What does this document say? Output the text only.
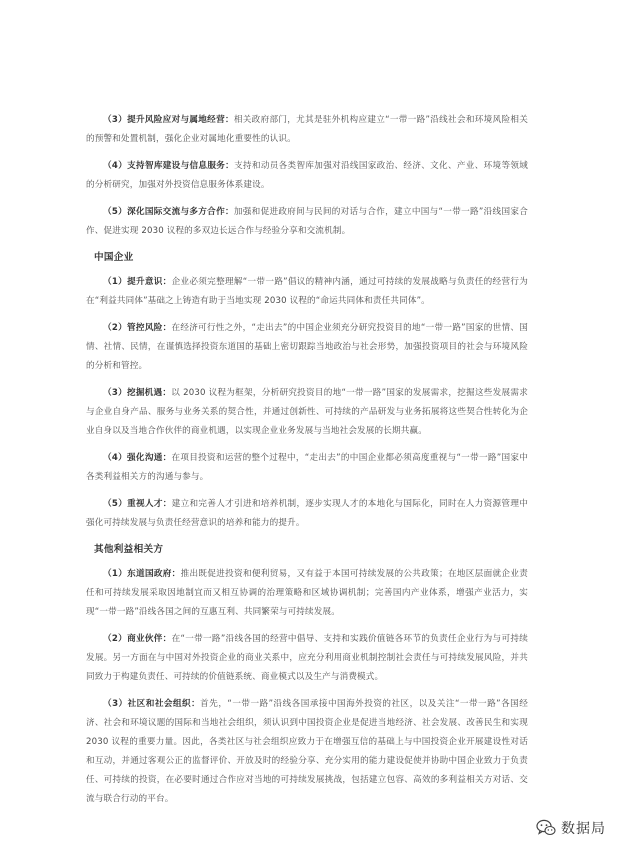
（3）提升风险应对与属地经营：相关政府部门，尤其是驻外机构应建立“一带一路”沿线社会和环境风险相关的预警和处置机制，强化企业对属地化重要性的认识。

（4）支持智库建设与信息服务：支持和动员各类智库加强对沿线国家政治、经济、文化、产业、环境等领域的分析研究，加强对外投资信息服务体系建设。

（5）深化国际交流与多方合作：加强和促进政府间与民间的对话与合作，建立中国与“一带一路”沿线国家合作、促进实现 2030 议程的多双边长远合作与经验分享和交流机制。

中国企业

（1）提升意识：企业必须完整理解“一带一路”倡议的精神内涵，通过可持续的发展战略与负责任的经营行为在“利益共同体”基础之上铸造有助于当地实现 2030 议程的“命运共同体和责任共同体”。

（2）管控风险：在经济可行性之外，“走出去”的中国企业须充分研究投资目的地“一带一路”国家的世情、国情、社情、民情，在谨慎选择投资东道国的基础上密切跟踪当地政治与社会形势，加强投资项目的社会与环境风险的分析和管控。

（3）挖掘机遇：以 2030 议程为框架，分析研究投资目的地“一带一路”国家的发展需求，挖掘这些发展需求与企业自身产品、服务与业务关系的契合性，并通过创新性、可持续的产品研发与业务拓展将这些契合性转化为企业自身以及当地合作伙伴的商业机遇，以实现企业业务发展与当地社会发展的长期共赢。

（4）强化沟通：在项目投资和运营的整个过程中，“走出去”的中国企业都必须高度重视与“一带一路”国家中各类利益相关方的沟通与参与。

（5）重视人才：建立和完善人才引进和培养机制，逐步实现人才的本地化与国际化，同时在人力资源管理中强化可持续发展与负责任经营意识的培养和能力的提升。

其他利益相关方

（1）东道国政府：推出既促进投资和便利贸易，又有益于本国可持续发展的公共政策；在地区层面就企业责任和可持续发展采取因地制宜而又相互协调的治理策略和区域协调机制；完善国内产业体系，增强产业活力，实现“一带一路”沿线各国之间的互惠互利、共同繁荣与可持续发展。

（2）商业伙伴：在“一带一路”沿线各国的经营中倡导、支持和实践价值链各环节的负责任企业行为与可持续发展。另一方面在与中国对外投资企业的商业关系中，应充分利用商业机制控制社会责任与可持续发展风险，并共同致力于构建负责任、可持续的价值链系统、商业模式以及生产与消费模式。

（3）社区和社会组织：首先，“一带一路”沿线各国承接中国海外投资的社区，以及关注“一带一路”各国经济、社会和环境议题的国际和当地社会组织，须认识到中国投资企业是促进当地经济、社会发展、改善民生和实现 2030 议程的重要力量。因此，各类社区与社会组织应致力于在增强互信的基础上与中国投资企业开展建设性对话和互动，并通过客观公正的监督评价、开放及时的经验分享、充分实用的能力建设促使并协助中国企业致力于负责任、可持续的投资，在必要时通过合作应对当地的可持续发展挑战，包括建立包容、高效的多利益相关方对话、交流与联合行动的平台。

数据局
